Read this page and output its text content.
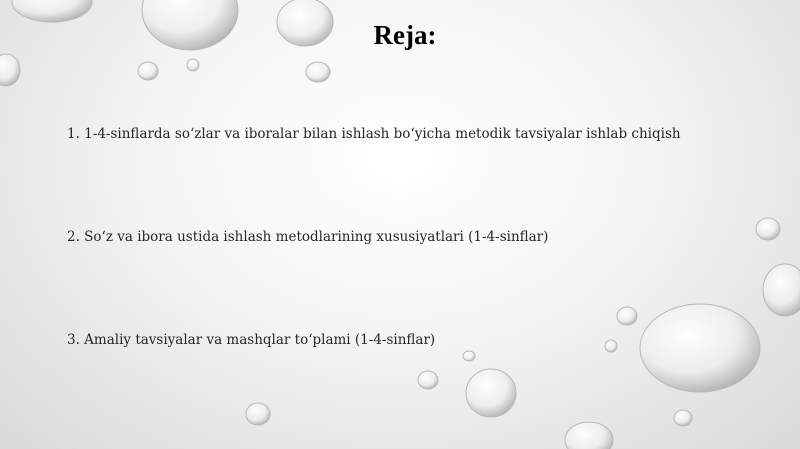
Reja:
1. 1-4-sinflarda so‘zlar va iboralar bilan ishlash bo‘yicha metodik tavsiyalar ishlab chiqish
2. So‘z va ibora ustida ishlash metodlarining xususiyatlari (1-4-sinflar)
3. Amaliy tavsiyalar va mashqlar to‘plami (1-4-sinflar)
